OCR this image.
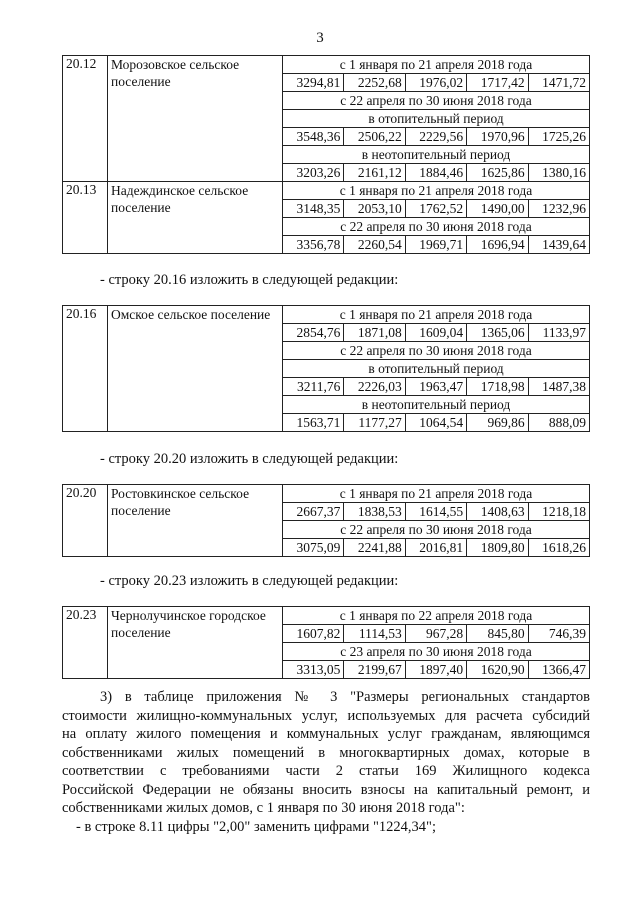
3
20.12	Морозовское сельское поселение	с 1 января по 21 апреля 2018 года				
		3294,81	2252,68	1976,02	1717,42	1471,72
		с 22 апреля по 30 июня 2018 года				
		в отопительный период				
		3548,36	2506,22	2229,56	1970,96	1725,26
		в неотопительный период				
		3203,26	2161,12	1884,46	1625,86	1380,16
20.13	Надеждинское сельское поселение	с 1 января по 21 апреля 2018 года				
		3148,35	2053,10	1762,52	1490,00	1232,96
		с 22 апреля по 30 июня 2018 года				
		3356,78	2260,54	1969,71	1696,94	1439,64
- строку 20.16 изложить в следующей редакции:
20.16	Омское сельское поселение	с 1 января по 21 апреля 2018 года				
		2854,76	1871,08	1609,04	1365,06	1133,97
		с 22 апреля по 30 июня 2018 года				
		в отопительный период				
		3211,76	2226,03	1963,47	1718,98	1487,38
		в неотопительный период				
		1563,71	1177,27	1064,54	969,86	888,09
- строку 20.20 изложить в следующей редакции:
20.20	Ростовкинское сельское поселение	с 1 января по 21 апреля 2018 года				
		2667,37	1838,53	1614,55	1408,63	1218,18
		с 22 апреля по 30 июня 2018 года				
		3075,09	2241,88	2016,81	1809,80	1618,26
- строку 20.23 изложить в следующей редакции:
20.23	Чернолучинское городское поселение	с 1 января по 22 апреля 2018 года				
		1607,82	1114,53	967,28	845,80	746,39
		с 23 апреля по 30 июня 2018 года				
		3313,05	2199,67	1897,40	1620,90	1366,47
3) в таблице приложения № 3 "Размеры региональных стандартов
стоимости жилищно-коммунальных услуг, используемых для расчета субсидий
на оплату жилого помещения и коммунальных услуг гражданам, являющимся
собственниками жилых помещений в многоквартирных домах, которые в
соответствии с требованиями части 2 статьи 169 Жилищного кодекса
Российской Федерации не обязаны вносить взносы на капитальный ремонт, и
собственниками жилых домов, с 1 января по 30 июня 2018 года":
- в строке 8.11 цифры "2,00" заменить цифрами "1224,34";
